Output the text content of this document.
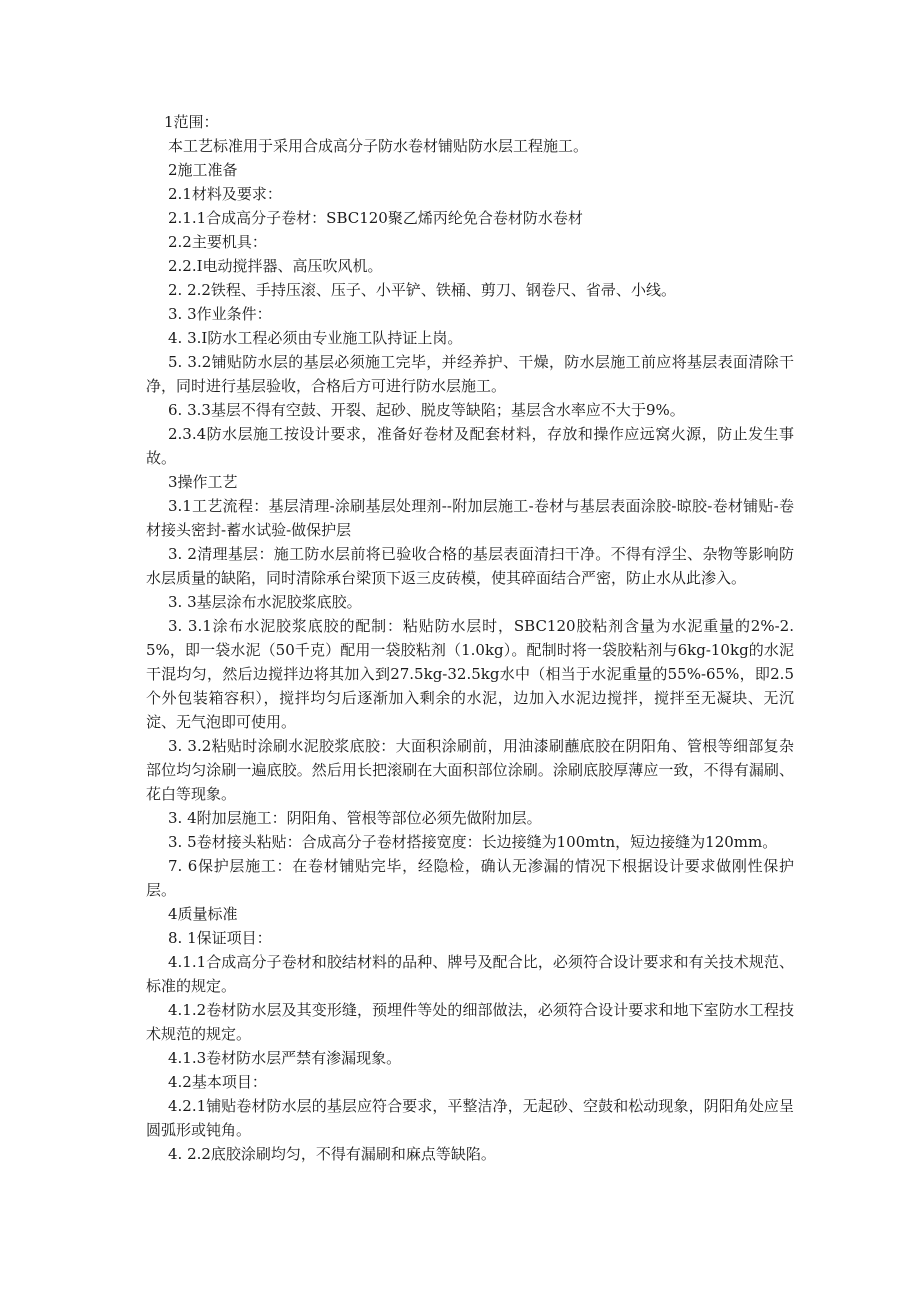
1范围：

本工艺标准用于采用合成高分子防水卷材铺贴防水层工程施工。

2施工准备

2.1材料及要求：

2.1.1合成高分子卷材：SBC120聚乙烯丙纶免合卷材防水卷材

2.2主要机具：

2.2.I电动搅拌器、高压吹风机。

2. 2.2铁程、手持压滚、压子、小平铲、铁桶、剪刀、钢卷尺、省帚、小线。

3. 3作业条件：

4. 3.I防水工程必须由专业施工队持证上岗。

5. 3.2铺贴防水层的基层必须施工完毕，并经养护、干燥，防水层施工前应将基层表面清除干净，同时进行基层验收，合格后方可进行防水层施工。

6. 3.3基层不得有空鼓、开裂、起砂、脱皮等缺陷；基层含水率应不大于9%。

2.3.4防水层施工按设计要求，准备好卷材及配套材料，存放和操作应远窝火源，防止发生事故。

3操作工艺

3.1工艺流程：基层清理-涂刷基层处理剂--附加层施工-卷材与基层表面涂胶-晾胶-卷材铺贴-卷材接头密封-蓄水试验-做保护层

3. 2清理基层：施工防水层前将已验收合格的基层表面清扫干净。不得有浮尘、杂物等影响防水层质量的缺陷，同时清除承台梁顶下返三皮砖模，使其碎面结合严密，防止水从此渗入。

3. 3基层涂布水泥胶浆底胶。

3. 3.1涂布水泥胶浆底胶的配制：粘贴防水层时，SBC120胶粘剂含量为水泥重量的2%-2.5%，即一袋水泥（50千克）配用一袋胶粘剂（1.0kg）。配制时将一袋胶粘剂与6kg-10kg的水泥干混均匀，然后边搅拌边将其加入到27.5kg-32.5kg水中（相当于水泥重量的55%-65%，即2.5个外包装箱容积），搅拌均匀后逐渐加入剩余的水泥，边加入水泥边搅拌，搅拌至无凝块、无沉淀、无气泡即可使用。

3. 3.2粘贴时涂刷水泥胶浆底胶：大面积涂刷前，用油漆刷蘸底胶在阴阳角、管根等细部复杂部位均匀涂刷一遍底胶。然后用长把滚刷在大面积部位涂刷。涂刷底胶厚薄应一致，不得有漏刷、花白等现象。

3. 4附加层施工：阴阳角、管根等部位必须先做附加层。

3. 5卷材接头粘贴：合成高分子卷材搭接宽度：长边接缝为100mtn，短边接缝为120mm。

7. 6保护层施工：在卷材铺贴完毕，经隐检，确认无渗漏的情况下根据设计要求做刚性保护层。

4质量标准

8. 1保证项目：

4.1.1合成高分子卷材和胶结材料的品种、牌号及配合比，必须符合设计要求和有关技术规范、标准的规定。

4.1.2卷材防水层及其变形缝，预埋件等处的细部做法，必须符合设计要求和地下室防水工程技术规范的规定。

4.1.3卷材防水层严禁有渗漏现象。

4.2基本项目：

4.2.1铺贴卷材防水层的基层应符合要求，平整洁净，无起砂、空鼓和松动现象，阴阳角处应呈圆弧形或钝角。

4. 2.2底胶涂刷均匀，不得有漏刷和麻点等缺陷。
